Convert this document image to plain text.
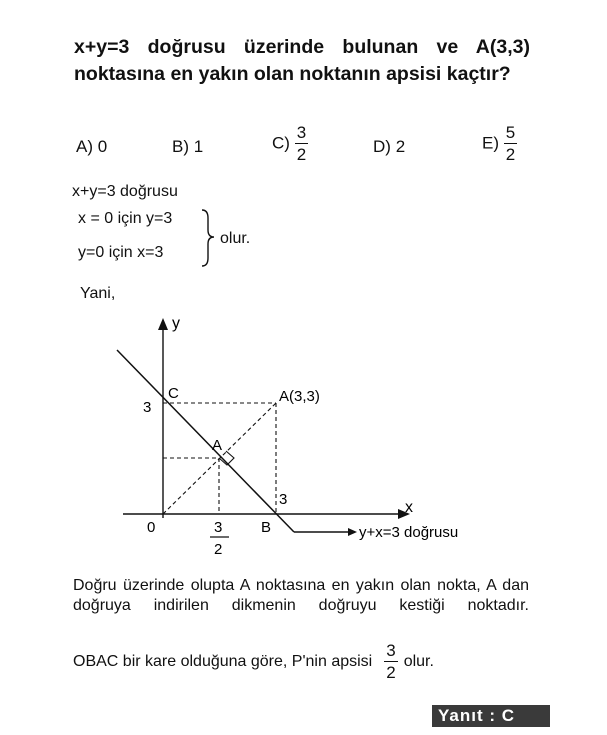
x+y=3 doğrusu üzerinde bulunan ve A(3,3) noktasına en yakın olan noktanın apsisi kaçtır?
A) 0	B) 1	$C) \frac{3}{2}$	D) 2	$E) \frac{5}{2}$
x+y=3 doğrusu
x = 0 için y=3
y=0 için x=3
olur.
Yani,
y
x
C	A(3,3)
A
3
3
0	B
3
2
y+x=3 doğrusu
Doğru üzerinde olupta A noktasına en yakın olan nokta, A dan doğruya indirilen dikmenin doğruyu kestiği noktadır.
OBAC bir kare olduğuna göre, P'nin apsisi $\frac{3}{2}$ olur.
Yanıt : C
